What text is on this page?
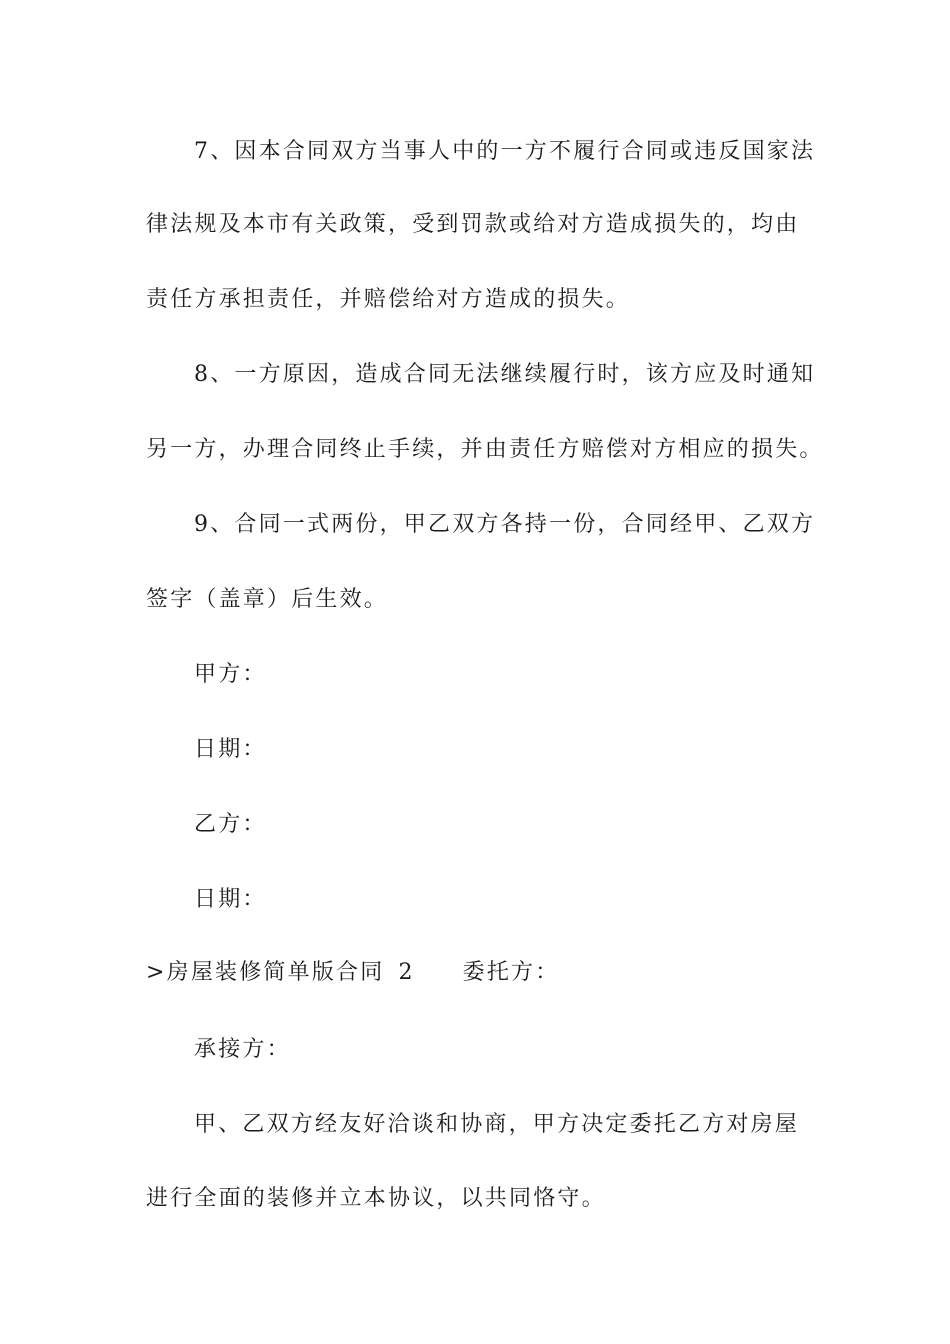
7、因本合同双方当事人中的一方不履行合同或违反国家法
律法规及本市有关政策，受到罚款或给对方造成损失的，均由
责任方承担责任，并赔偿给对方造成的损失。
8、一方原因，造成合同无法继续履行时，该方应及时通知
另一方，办理合同终止手续，并由责任方赔偿对方相应的损失。
9、合同一式两份，甲乙双方各持一份，合同经甲、乙双方
签字（盖章）后生效。
甲方：
日期：
乙方：
日期：
>房屋装修简单版合同 2 委托方：
承接方：
甲、乙双方经友好洽谈和协商，甲方决定委托乙方对房屋
进行全面的装修并立本协议，以共同恪守。
